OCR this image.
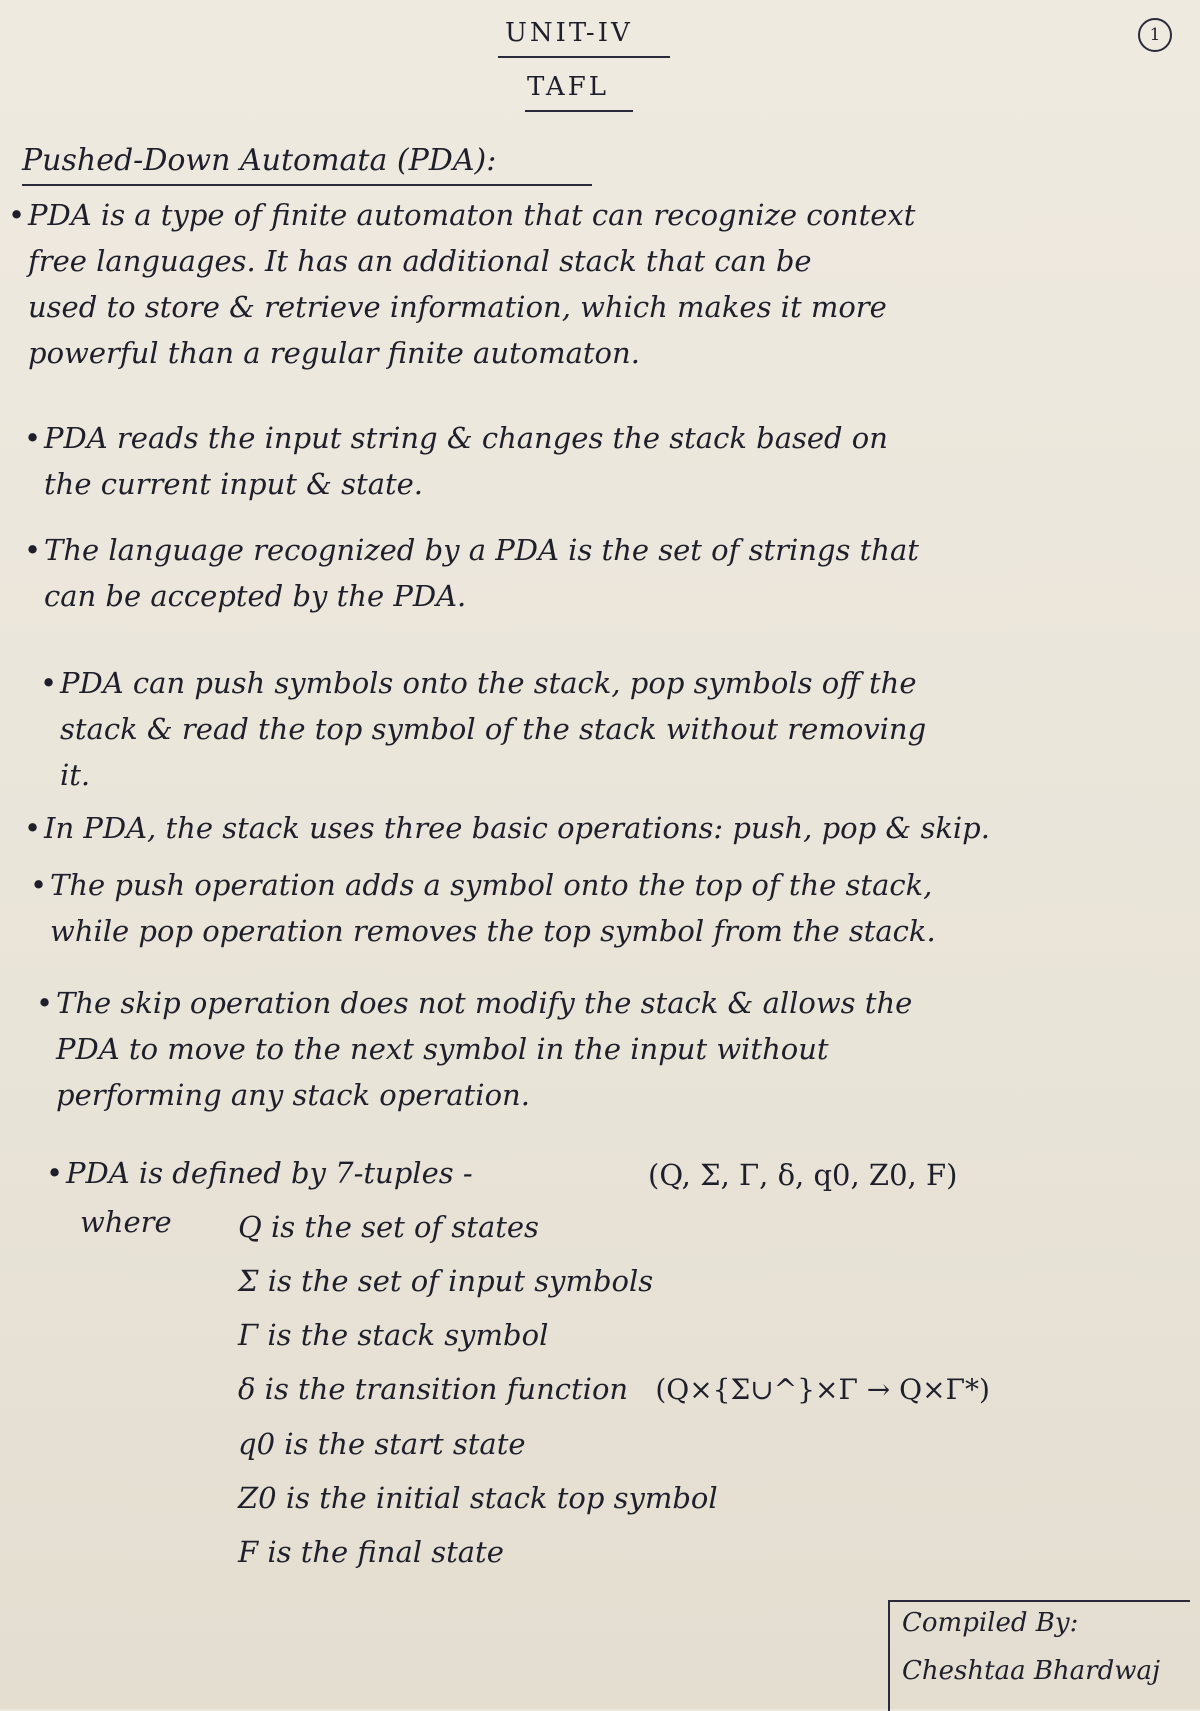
UNIT-IV
TAFL
1
Pushed-Down Automata (PDA):
• PDA is a type of finite automaton that can recognize context
free languages. It has an additional stack that can be
used to store & retrieve information, which makes it more
powerful than a regular finite automaton.
• PDA reads the input string & changes the stack based on
the current input & state.
• The language recognized by a PDA is the set of strings that
can be accepted by the PDA.
• PDA can push symbols onto the stack, pop symbols off the
stack & read the top symbol of the stack without removing
it.
• In PDA, the stack uses three basic operations: push, pop & skip.
• The push operation adds a symbol onto the top of the stack,
while pop operation removes the top symbol from the stack.
• The skip operation does not modify the stack & allows the
PDA to move to the next symbol in the input without
performing any stack operation.
• PDA is defined by 7-tuples -	(Q, Σ, Γ, δ, q0, Z0, F)
where Q is the set of states
Σ is the set of input symbols
Γ is the stack symbol
δ is the transition function (Q×{Σ∪^}×Γ → Q×Γ*)
q0 is the start state
Z0 is the initial stack top symbol
F is the final state
Compiled By:
Cheshtaa Bhardwaj
